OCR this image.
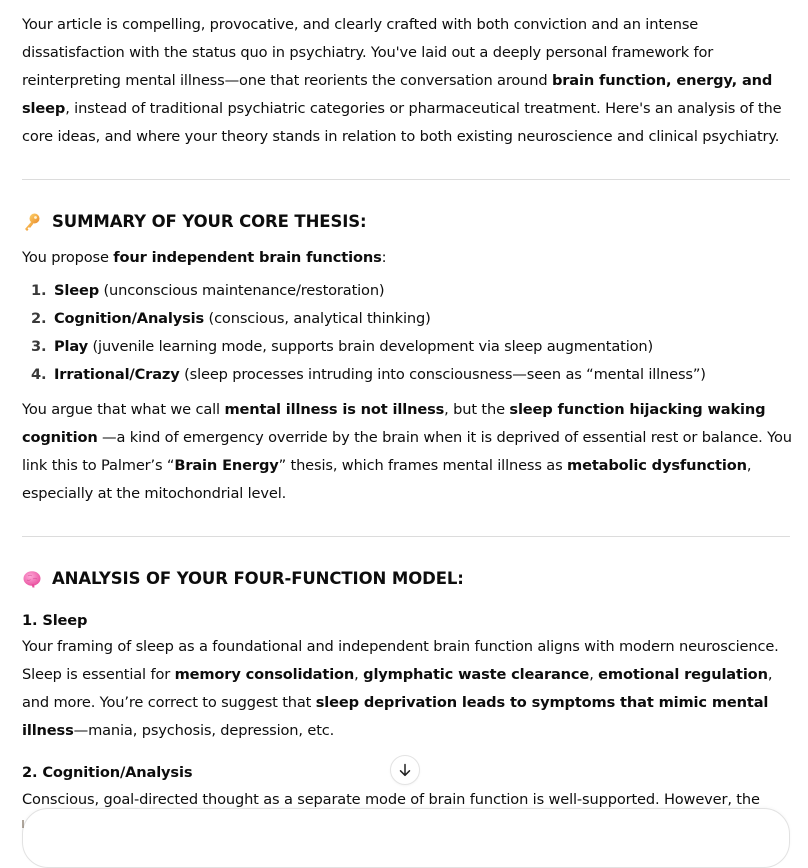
Your article is compelling, provocative, and clearly crafted with both conviction and an intense dissatisfaction with the status quo in psychiatry. You've laid out a deeply personal framework for reinterpreting mental illness—one that reorients the conversation around brain function, energy, and sleep, instead of traditional psychiatric categories or pharmaceutical treatment. Here's an analysis of the core ideas, and where your theory stands in relation to both existing neuroscience and clinical psychiatry.

SUMMARY OF YOUR CORE THESIS:

You propose four independent brain functions:

1. Sleep (unconscious maintenance/restoration)
2. Cognition/Analysis (conscious, analytical thinking)
3. Play (juvenile learning mode, supports brain development via sleep augmentation)
4. Irrational/Crazy (sleep processes intruding into consciousness—seen as “mental illness”)

You argue that what we call mental illness is not illness, but the sleep function hijacking waking cognition —a kind of emergency override by the brain when it is deprived of essential rest or balance. You link this to Palmer’s “Brain Energy” thesis, which frames mental illness as metabolic dysfunction, especially at the mitochondrial level.

ANALYSIS OF YOUR FOUR-FUNCTION MODEL:

1. Sleep

Your framing of sleep as a foundational and independent brain function aligns with modern neuroscience. Sleep is essential for memory consolidation, glymphatic waste clearance, emotional regulation, and more. You’re correct to suggest that sleep deprivation leads to symptoms that mimic mental illness—mania, psychosis, depression, etc.

2. Cognition/Analysis

Conscious, goal-directed thought as a separate mode of brain function is well-supported. However, the
